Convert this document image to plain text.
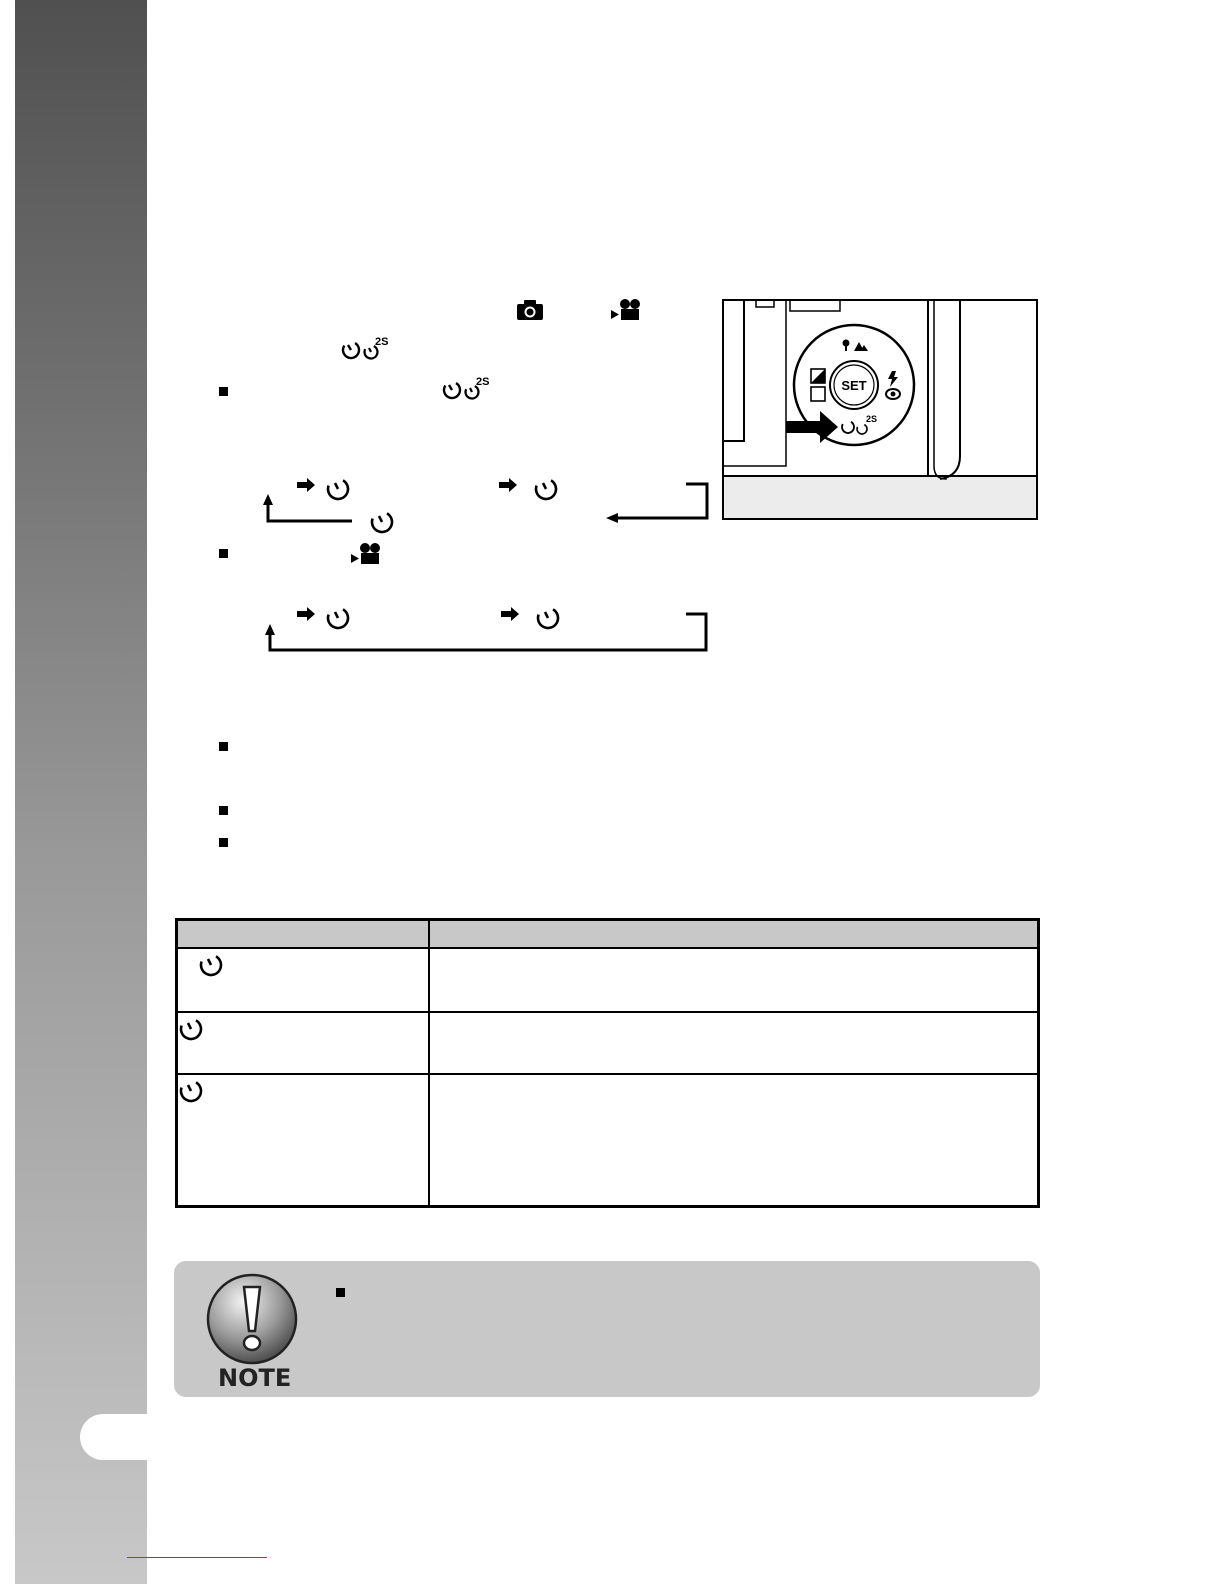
2S
2S	SET
2S

NOTE
